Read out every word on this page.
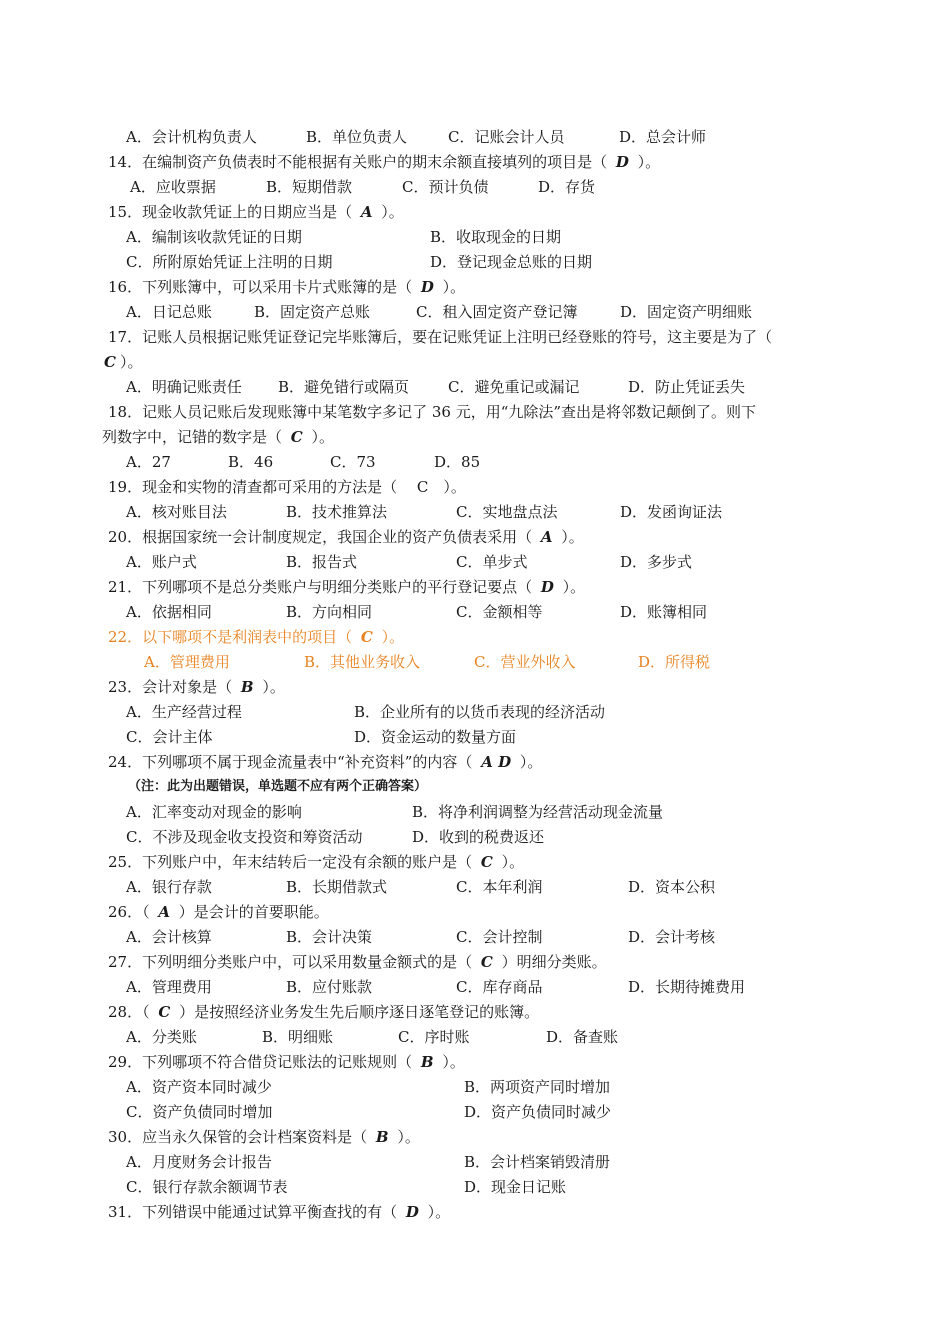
A．会计机构负责人	B．单位负责人	C．记账会计人员	D．总会计师
14．在编制资产负债表时不能根据有关账户的期末余额直接填列的项目是（ D ）。
A．应收票据	B．短期借款	C．预计负债	D．存货
15．现金收款凭证上的日期应当是（ A ）。
A．编制该收款凭证的日期	B．收取现金的日期
C．所附原始凭证上注明的日期	D．登记现金总账的日期
16．下列账簿中，可以采用卡片式账簿的是（ D ）。
A．日记总账	B．固定资产总账	C．租入固定资产登记簿	D．固定资产明细账
17．记账人员根据记账凭证登记完毕账簿后，要在记账凭证上注明已经登账的符号，这主要是为了（
C ）。
A．明确记账责任 B．避免错行或隔页	C．避免重记或漏记	D．防止凭证丢失
18．记账人员记账后发现账簿中某笔数字多记了 36 元，用“九除法”查出是将邻数记颠倒了。则下
列数字中，记错的数字是（ C ）。
A．27	B．46	C．73	D．85
19．现金和实物的清查都可采用的方法是（　 C　）。
A．核对账目法	B．技术推算法	C．实地盘点法	D．发函询证法
20．根据国家统一会计制度规定，我国企业的资产负债表采用（ A ）。
A．账户式	B．报告式	C．单步式	D．多步式
21．下列哪项不是总分类账户与明细分类账户的平行登记要点（ D ）。
A．依据相同	B．方向相同	C．金额相等	D．账簿相同
22．以下哪项不是利润表中的项目（ C ）。
A．管理费用	B．其他业务收入	C．营业外收入	D．所得税
23．会计对象是（ B ）。
A．生产经营过程	B．企业所有的以货币表现的经济活动
C．会计主体	D．资金运动的数量方面
24．下列哪项不属于现金流量表中“补充资料”的内容（ A D ）。
（注：此为出题错误，单选题不应有两个正确答案）
A．汇率变动对现金的影响	B．将净利润调整为经营活动现金流量
C．不涉及现金收支投资和筹资活动	D．收到的税费返还
25．下列账户中，年末结转后一定没有余额的账户是（ C ）。
A．银行存款	B．长期借款式	C．本年利润	D．资本公积
26．（ A ）是会计的首要职能。
A．会计核算	B．会计决策	C．会计控制	D．会计考核
27．下列明细分类账户中，可以采用数量金额式的是（ C ）明细分类账。
A．管理费用	B．应付账款	C．库存商品	D．长期待摊费用
28．（ C ）是按照经济业务发生先后顺序逐日逐笔登记的账簿。
A．分类账	B．明细账	C．序时账	D．备查账
29．下列哪项不符合借贷记账法的记账规则（ B ）。
A．资产资本同时减少	B．两项资产同时增加
C．资产负债同时增加	D．资产负债同时减少
30．应当永久保管的会计档案资料是（ B ）。
A．月度财务会计报告	B．会计档案销毁清册
C．银行存款余额调节表	D．现金日记账
31．下列错误中能通过试算平衡查找的有（ D ）。
